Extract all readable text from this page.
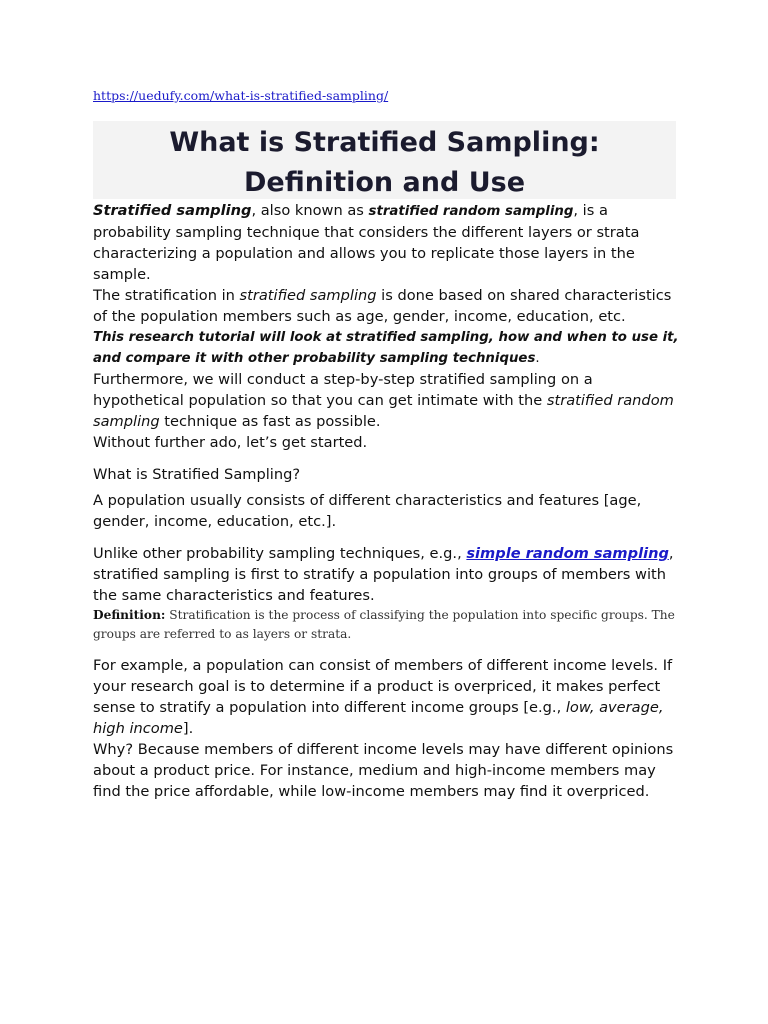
https://uedufy.com/what-is-stratified-sampling/
What is Stratified Sampling: Definition and Use

Stratified sampling, also known as stratified random sampling, is a probability sampling technique that considers the different layers or strata characterizing a population and allows you to replicate those layers in the sample.

The stratification in stratified sampling is done based on shared characteristics of the population members such as age, gender, income, education, etc.

This research tutorial will look at stratified sampling, how and when to use it, and compare it with other probability sampling techniques.

Furthermore, we will conduct a step-by-step stratified sampling on a hypothetical population so that you can get intimate with the stratified random sampling technique as fast as possible.

Without further ado, let’s get started.

What is Stratified Sampling?

A population usually consists of different characteristics and features [age, gender, income, education, etc.].

Unlike other probability sampling techniques, e.g., simple random sampling, stratified sampling is first to stratify a population into groups of members with the same characteristics and features.

Definition: Stratification is the process of classifying the population into specific groups. The groups are referred to as layers or strata.

For example, a population can consist of members of different income levels. If your research goal is to determine if a product is overpriced, it makes perfect sense to stratify a population into different income groups [e.g., low, average, high income].

Why? Because members of different income levels may have different opinions about a product price. For instance, medium and high-income members may find the price affordable, while low-income members may find it overpriced.
